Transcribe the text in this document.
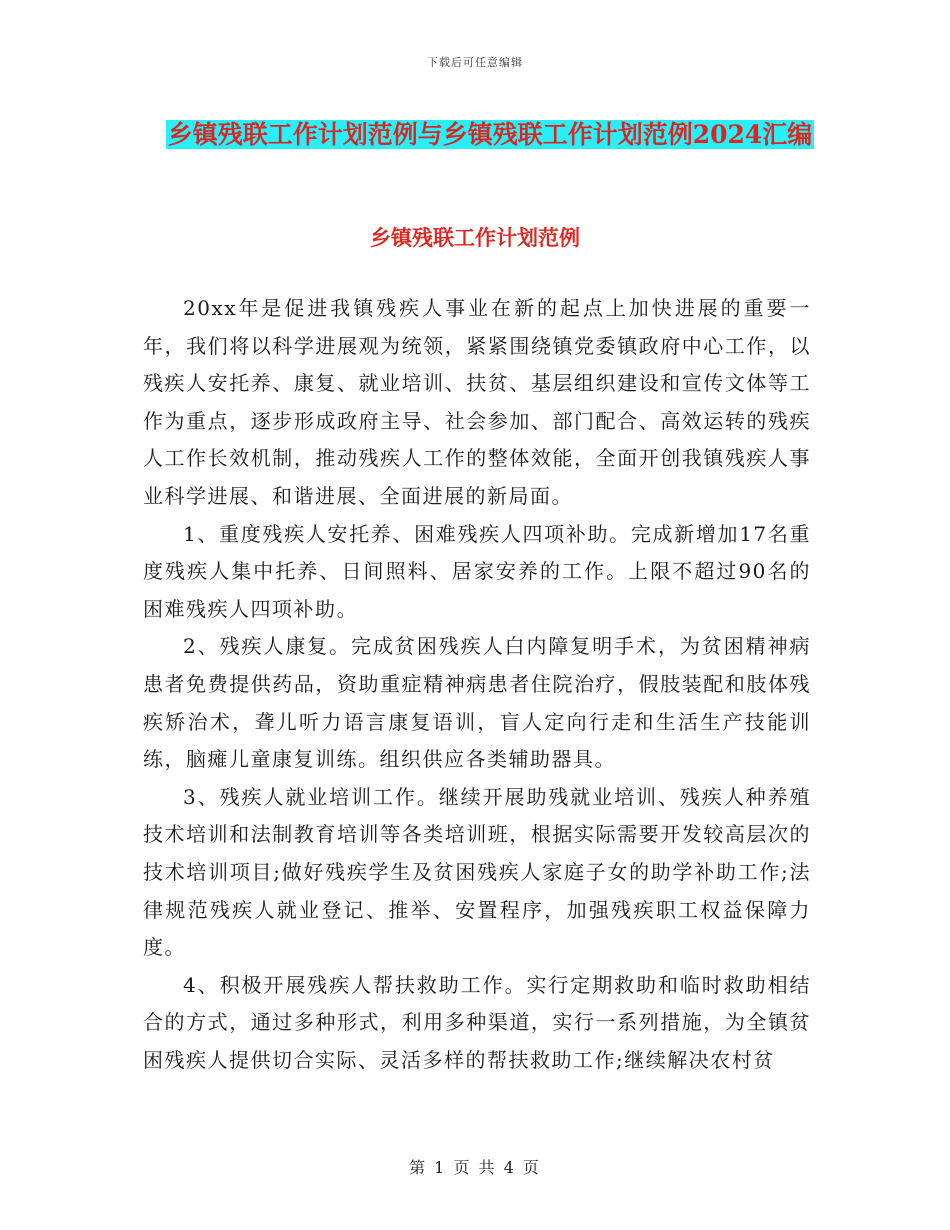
下载后可任意编辑
乡镇残联工作计划范例与乡镇残联工作计划范例2024汇编
乡镇残联工作计划范例

20xx年是促进我镇残疾人事业在新的起点上加快进展的重要一年，我们将以科学进展观为统领，紧紧围绕镇党委镇政府中心工作，以残疾人安托养、康复、就业培训、扶贫、基层组织建设和宣传文体等工作为重点，逐步形成政府主导、社会参加、部门配合、高效运转的残疾人工作长效机制，推动残疾人工作的整体效能，全面开创我镇残疾人事业科学进展、和谐进展、全面进展的新局面。

1、重度残疾人安托养、困难残疾人四项补助。完成新增加17名重度残疾人集中托养、日间照料、居家安养的工作。上限不超过90名的困难残疾人四项补助。

2、残疾人康复。完成贫困残疾人白内障复明手术，为贫困精神病患者免费提供药品，资助重症精神病患者住院治疗，假肢装配和肢体残疾矫治术，聋儿听力语言康复语训，盲人定向行走和生活生产技能训练，脑瘫儿童康复训练。组织供应各类辅助器具。

3、残疾人就业培训工作。继续开展助残就业培训、残疾人种养殖技术培训和法制教育培训等各类培训班，根据实际需要开发较高层次的技术培训项目;做好残疾学生及贫困残疾人家庭子女的助学补助工作;法律规范残疾人就业登记、推举、安置程序，加强残疾职工权益保障力度。

4、积极开展残疾人帮扶救助工作。实行定期救助和临时救助相结合的方式，通过多种形式，利用多种渠道，实行一系列措施，为全镇贫困残疾人提供切合实际、灵活多样的帮扶救助工作;继续解决农村贫

第 1 页 共 4 页
